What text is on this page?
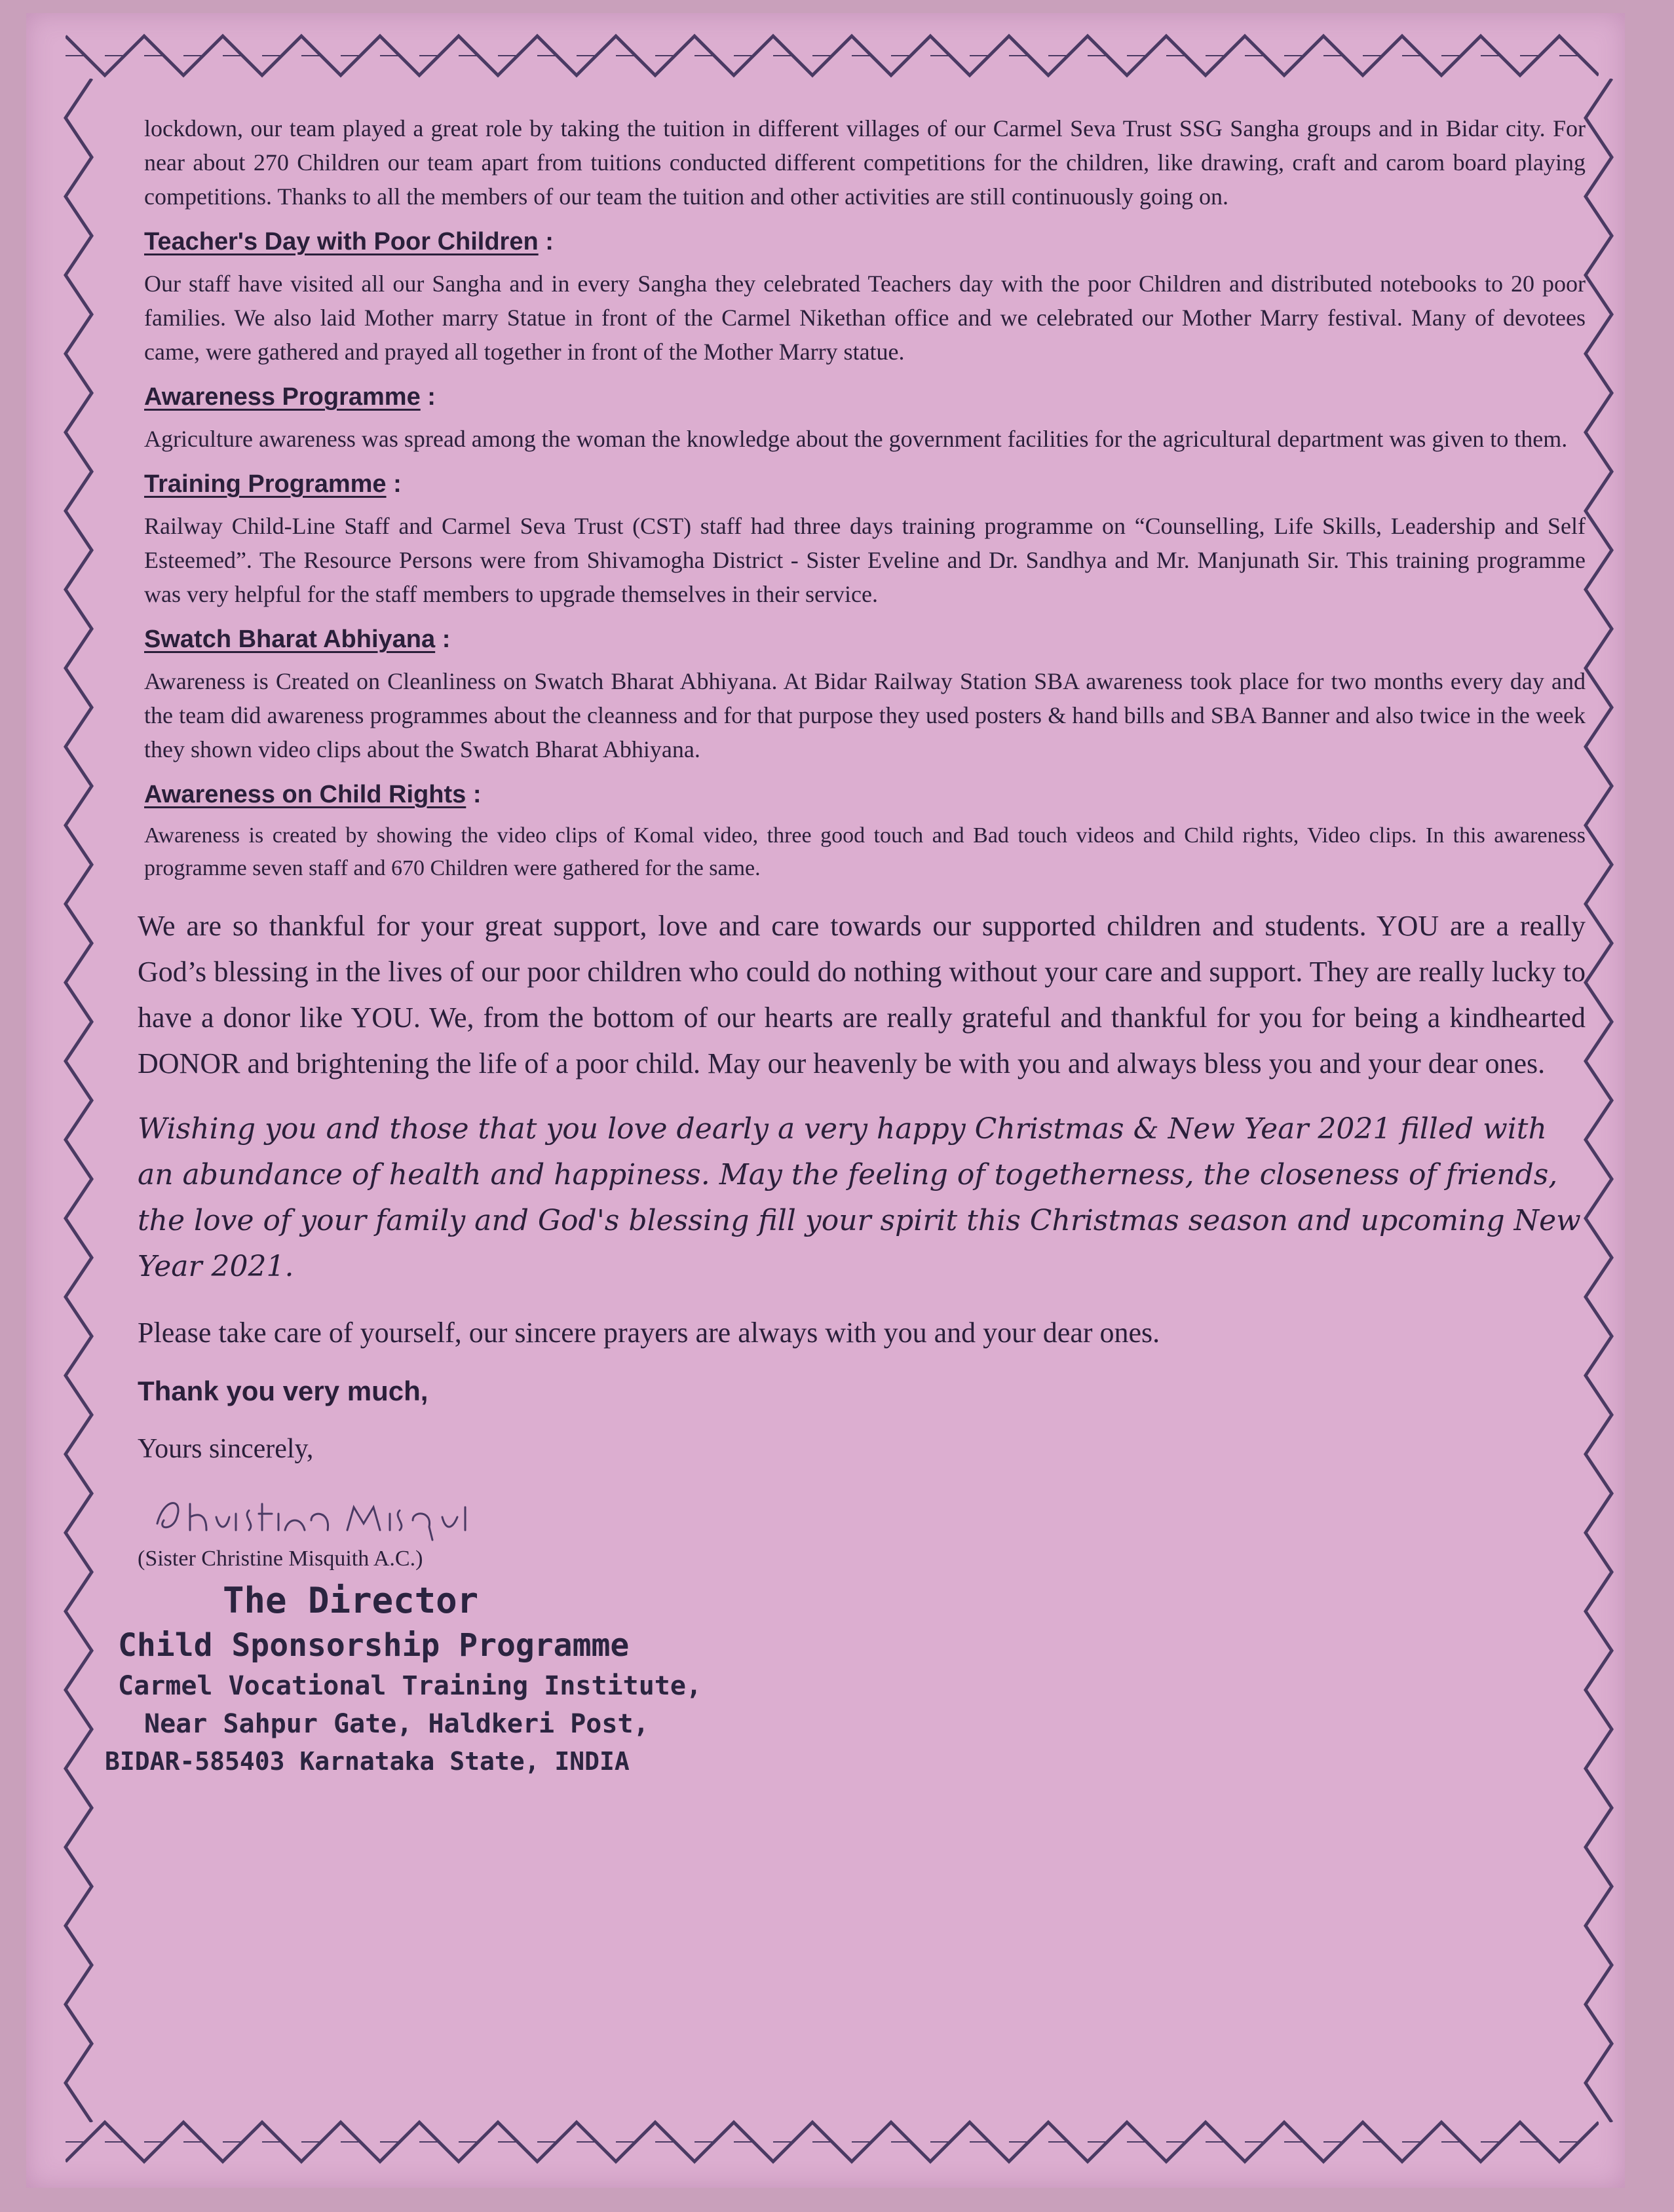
lockdown, our team played a great role by taking the tuition in different villages of our Carmel Seva Trust SSG Sangha groups and in Bidar city. For near about 270 Children our team apart from tuitions conducted different competitions for the children, like drawing, craft and carom board playing competitions. Thanks to all the members of our team the tuition and other activities are still continuously going on.

Teacher's Day with Poor Children :

Our staff have visited all our Sangha and in every Sangha they celebrated Teachers day with the poor Children and distributed notebooks to 20 poor families. We also laid Mother marry Statue in front of the Carmel Nikethan office and we celebrated our Mother Marry festival. Many of devotees came, were gathered and prayed all together in front of the Mother Marry statue.

Awareness Programme :

Agriculture awareness was spread among the woman the knowledge about the government facilities for the agricultural department was given to them.

Training Programme :

Railway Child-Line Staff and Carmel Seva Trust (CST) staff had three days training programme on “Counselling, Life Skills, Leadership and Self Esteemed”. The Resource Persons were from Shivamogha District - Sister Eveline and Dr. Sandhya and Mr. Manjunath Sir. This training programme was very helpful for the staff members to upgrade themselves in their service.

Swatch Bharat Abhiyana :

Awareness is Created on Cleanliness on Swatch Bharat Abhiyana. At Bidar Railway Station SBA awareness took place for two months every day and the team did awareness programmes about the cleanness and for that purpose they used posters & hand bills and SBA Banner and also twice in the week they shown video clips about the Swatch Bharat Abhiyana.

Awareness on Child Rights :

Awareness is created by showing the video clips of Komal video, three good touch and Bad touch videos and Child rights, Video clips. In this awareness programme seven staff and 670 Children were gathered for the same.

We are so thankful for your great support, love and care towards our supported children and students. YOU are a really God’s blessing in the lives of our poor children who could do nothing without your care and support. They are really lucky to have a donor like YOU. We, from the bottom of our hearts are really grateful and thankful for you for being a kindhearted DONOR and brightening the life of a poor child. May our heavenly be with you and always bless you and your dear ones.

Wishing you and those that you love dearly a very happy Christmas & New Year 2021 filled with an abundance of health and happiness. May the feeling of togetherness, the closeness of friends, the love of your family and God's blessing fill your spirit this Christmas season and upcoming New Year 2021.

Please take care of yourself, our sincere prayers are always with you and your dear ones.

Thank you very much,

Yours sincerely,

(Sister Christine Misquith A.C.)

The Director
Child Sponsorship Programme
Carmel Vocational Training Institute,
Near Sahpur Gate, Haldkeri Post,
BIDAR-585403 Karnataka State, INDIA
